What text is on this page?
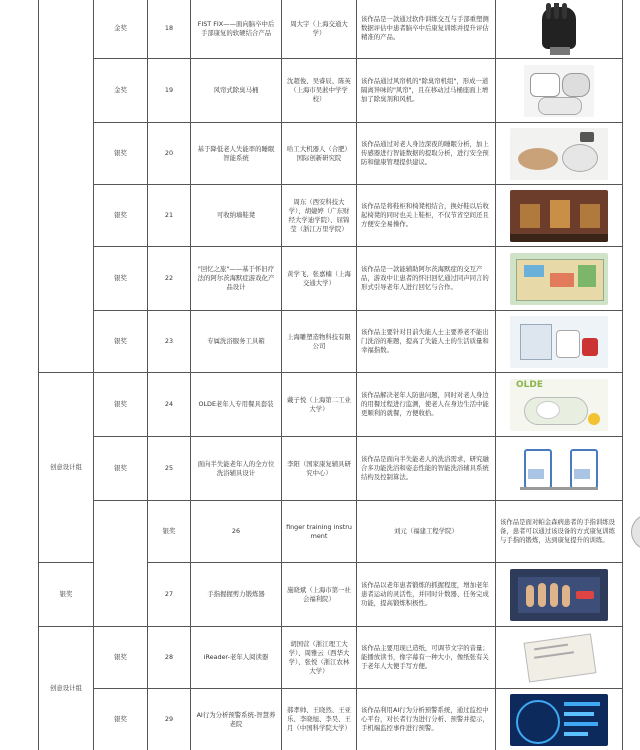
	金奖	18	FIST FIX——面向脑卒中后手部康复的软硬结合产品	周大宇（上海交通大学）	该作品是一款通过软件训练交互与手部重塑测数据评估中患者脑卒中后康复训练并提升评估精准的产品。		

	金奖	19	风帘式除臭马桶	沈超俊、吴睿辰、陈英（上海市吴淞中学学校）	该作品通过风帘机的"除臭帘机组"，形成一道隔离异味的"风帘"，且在移动过马桶座面上增加了除臭剂和风机。		

	银奖	20	基于降低老人失能率的睡眠智能系统	哈工大机器人（合肥）国际创新研究院	该作品通过对老人身边深夜的睡眠分析，加上传感器进行智能数据的提取分析，进行安全预防和健康管理提供建议。		

	银奖	21	可收纳墙鞋凳	周东（西安科技大学）、胡婕婷（广东财经大学迪学院）、屈锦莹（浙江万里学院）	该作品是将鞋柜和椅凳相结合，换好鞋以后收起椅凳的同时也关上鞋柜，不仅节省空间还且方便安全易操作。		

	银奖	22	"回忆之旅"——基于怀旧疗法的阿尔茨海默症游戏化产品设计	黄学飞、张嘉楠（上海交通大学）	该作品是一款能辅助阿尔茨海默症的交互产品，游戏中让患者的怀旧回忆通过同声同言的形式引导老年人进行回忆与合作。		

	银奖	23	专属洗浴服务工具箱	上海雕塑造物科技有限公司	该作品主要针对目前失能人士主要养老不能出门洗浴的难题，提高了失能人士的生活质量和幸福指数。		

创意设计组	银奖	24	OLDE老年人专用餐具套装	戴子悦（上海第二工业大学）	该作品解决老年人防患问题，同时对老人身边的用餐过程进行监测，使老人在身边生活中能更顺利的就餐，方便收拾。	OLDE	

	银奖	25	面向半失能老年人的全方位洗浴辅具设计	李阳（国家康复辅具研究中心）	该作品是面向半失能老人的洗浴需求，研究融合多功能洗浴和姿态性能的智能洗浴辅具系统结构及控制算法。		

		银奖	26	finger training instrument	刘元（福建工程学院）	该作品是面对帕金森病患者的手指训练设备，患者可以通过该设备的方式康复训练与手指的锻炼，达到康复提升的训练。	

银奖		27	手指握握剪力锻炼器	施晓斌（上海市第一社会福利院）	该作品以老年患者锻炼的抓握程度，增加老年患者运动的灵活性，并同时计数器、任务完成功能，提高锻炼积极性。		

创意设计组	银奖	28	iReader-老年人阅读器	胡国营（浙江理工大学）、周雅云（西华大学）、张悦（浙江农林大学）	该作品主要用现已造纸，可调节文字的音量；能播放读书，像字幕有一种大小，像纸张有关于老年人大便手写方便。		

	银奖	29	AI行为分析预警系统-智慧养老院	郝孝帅、王晓然、王亚乐、李晓旭、李昊、王月（中国科学院大学）	该作品利用AI行为分析预警系统，通过监控中心平台，对长者行为进行分析、预警并提示，手机端监控事件进行预警。		
